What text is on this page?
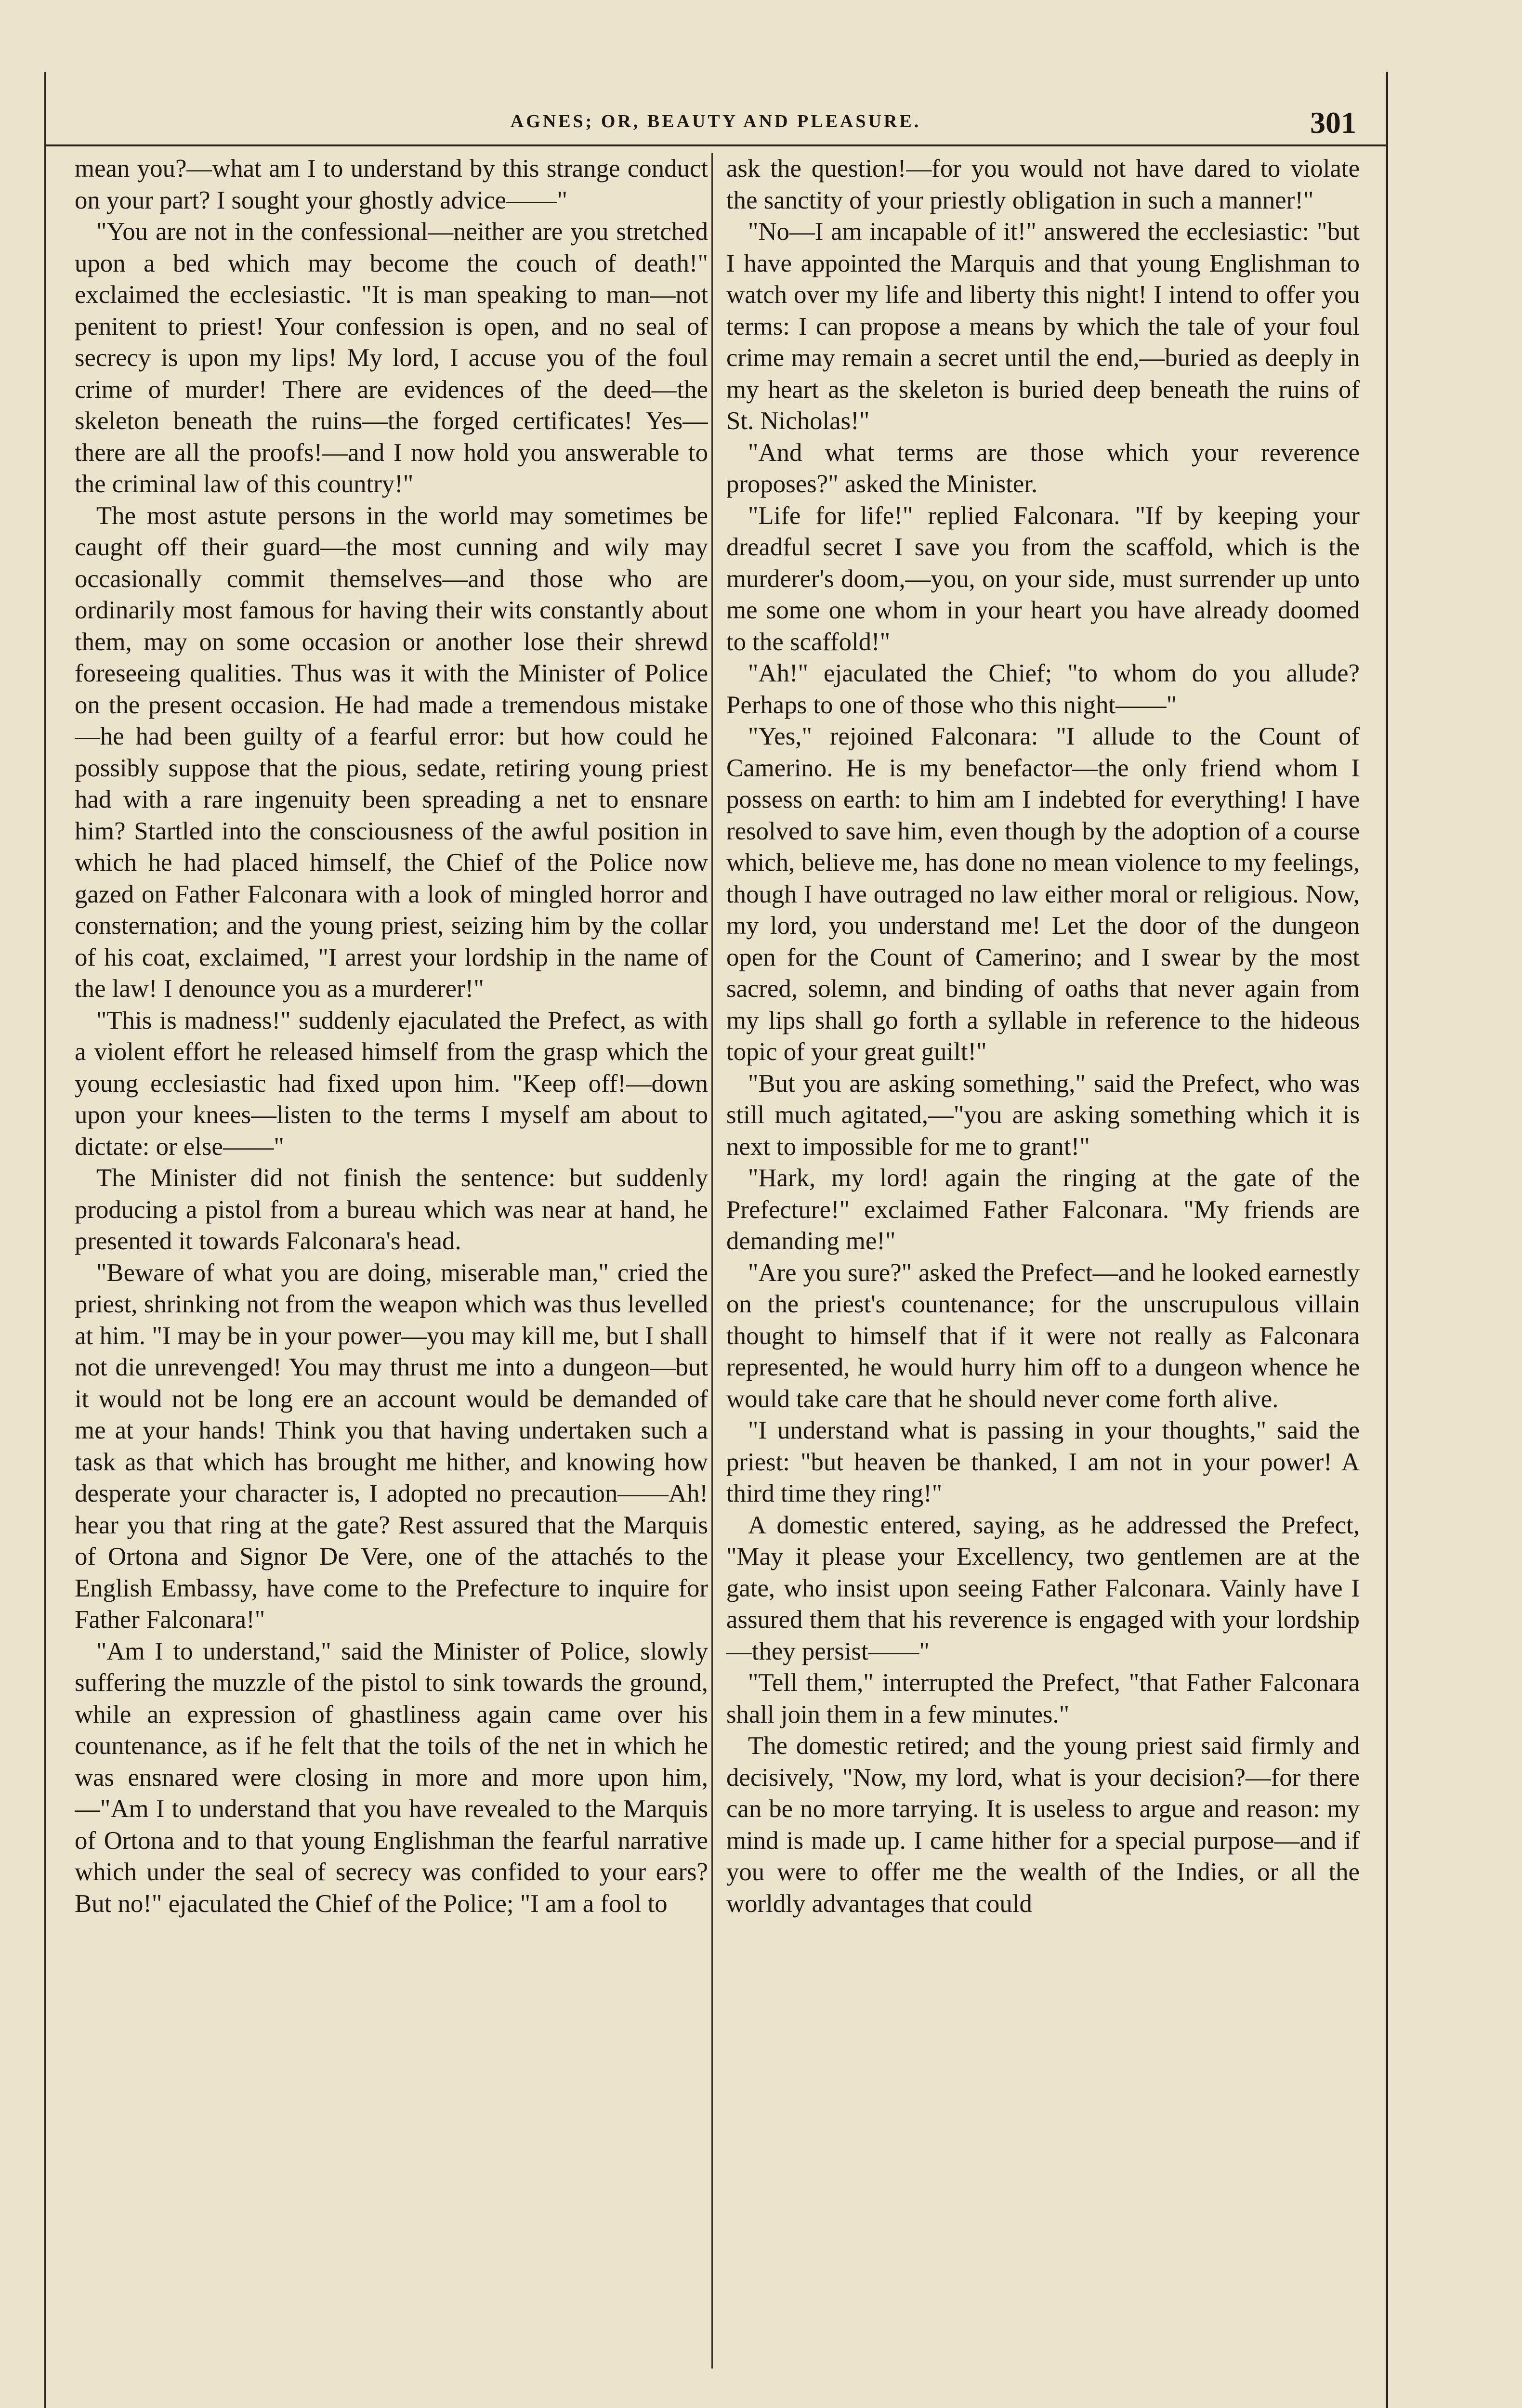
AGNES; OR, BEAUTY AND PLEASURE.	301

mean you?—what am I to understand by this strange conduct on your part? I sought your ghostly advice——"

"You are not in the confessional—neither are you stretched upon a bed which may become the couch of death!" exclaimed the ecclesiastic. "It is man speaking to man—not penitent to priest! Your confession is open, and no seal of secrecy is upon my lips! My lord, I accuse you of the foul crime of murder! There are evidences of the deed—the skeleton beneath the ruins—the forged certificates! Yes—there are all the proofs!—and I now hold you answerable to the criminal law of this country!"

The most astute persons in the world may sometimes be caught off their guard—the most cunning and wily may occasionally commit themselves—and those who are ordinarily most famous for having their wits constantly about them, may on some occasion or another lose their shrewd foreseeing qualities. Thus was it with the Minister of Police on the present occasion. He had made a tremendous mistake—he had been guilty of a fearful error: but how could he possibly suppose that the pious, sedate, retiring young priest had with a rare ingenuity been spreading a net to ensnare him? Startled into the consciousness of the awful position in which he had placed himself, the Chief of the Police now gazed on Father Falconara with a look of mingled horror and consternation; and the young priest, seizing him by the collar of his coat, exclaimed, "I arrest your lordship in the name of the law! I denounce you as a murderer!"

"This is madness!" suddenly ejaculated the Prefect, as with a violent effort he released himself from the grasp which the young ecclesiastic had fixed upon him. "Keep off!—down upon your knees—listen to the terms I myself am about to dictate: or else——"

The Minister did not finish the sentence: but suddenly producing a pistol from a bureau which was near at hand, he presented it towards Falconara's head.

"Beware of what you are doing, miserable man," cried the priest, shrinking not from the weapon which was thus levelled at him. "I may be in your power—you may kill me, but I shall not die unrevenged! You may thrust me into a dungeon—but it would not be long ere an account would be demanded of me at your hands! Think you that having undertaken such a task as that which has brought me hither, and knowing how desperate your character is, I adopted no precaution——Ah! hear you that ring at the gate? Rest assured that the Marquis of Ortona and Signor De Vere, one of the attachés to the English Embassy, have come to the Prefecture to inquire for Father Falconara!"

"Am I to understand," said the Minister of Police, slowly suffering the muzzle of the pistol to sink towards the ground, while an expression of ghastliness again came over his countenance, as if he felt that the toils of the net in which he was ensnared were closing in more and more upon him,—"Am I to understand that you have revealed to the Marquis of Ortona and to that young Englishman the fearful narrative which under the seal of secrecy was confided to your ears? But no!" ejaculated the Chief of the Police; "I am a fool to

ask the question!—for you would not have dared to violate the sanctity of your priestly obligation in such a manner!"

"No—I am incapable of it!" answered the ecclesiastic: "but I have appointed the Marquis and that young Englishman to watch over my life and liberty this night! I intend to offer you terms: I can propose a means by which the tale of your foul crime may remain a secret until the end,—buried as deeply in my heart as the skeleton is buried deep beneath the ruins of St. Nicholas!"

"And what terms are those which your reverence proposes?" asked the Minister.

"Life for life!" replied Falconara. "If by keeping your dreadful secret I save you from the scaffold, which is the murderer's doom,—you, on your side, must surrender up unto me some one whom in your heart you have already doomed to the scaffold!"

"Ah!" ejaculated the Chief; "to whom do you allude? Perhaps to one of those who this night——"

"Yes," rejoined Falconara: "I allude to the Count of Camerino. He is my benefactor—the only friend whom I possess on earth: to him am I indebted for everything! I have resolved to save him, even though by the adoption of a course which, believe me, has done no mean violence to my feelings, though I have outraged no law either moral or religious. Now, my lord, you understand me! Let the door of the dungeon open for the Count of Camerino; and I swear by the most sacred, solemn, and binding of oaths that never again from my lips shall go forth a syllable in reference to the hideous topic of your great guilt!"

"But you are asking something," said the Prefect, who was still much agitated,—"you are asking something which it is next to impossible for me to grant!"

"Hark, my lord! again the ringing at the gate of the Prefecture!" exclaimed Father Falconara. "My friends are demanding me!"

"Are you sure?" asked the Prefect—and he looked earnestly on the priest's countenance; for the unscrupulous villain thought to himself that if it were not really as Falconara represented, he would hurry him off to a dungeon whence he would take care that he should never come forth alive.

"I understand what is passing in your thoughts," said the priest: "but heaven be thanked, I am not in your power! A third time they ring!"

A domestic entered, saying, as he addressed the Prefect, "May it please your Excellency, two gentlemen are at the gate, who insist upon seeing Father Falconara. Vainly have I assured them that his reverence is engaged with your lordship—they persist——"

"Tell them," interrupted the Prefect, "that Father Falconara shall join them in a few minutes."

The domestic retired; and the young priest said firmly and decisively, "Now, my lord, what is your decision?—for there can be no more tarrying. It is useless to argue and reason: my mind is made up. I came hither for a special purpose—and if you were to offer me the wealth of the Indies, or all the worldly advantages that could
